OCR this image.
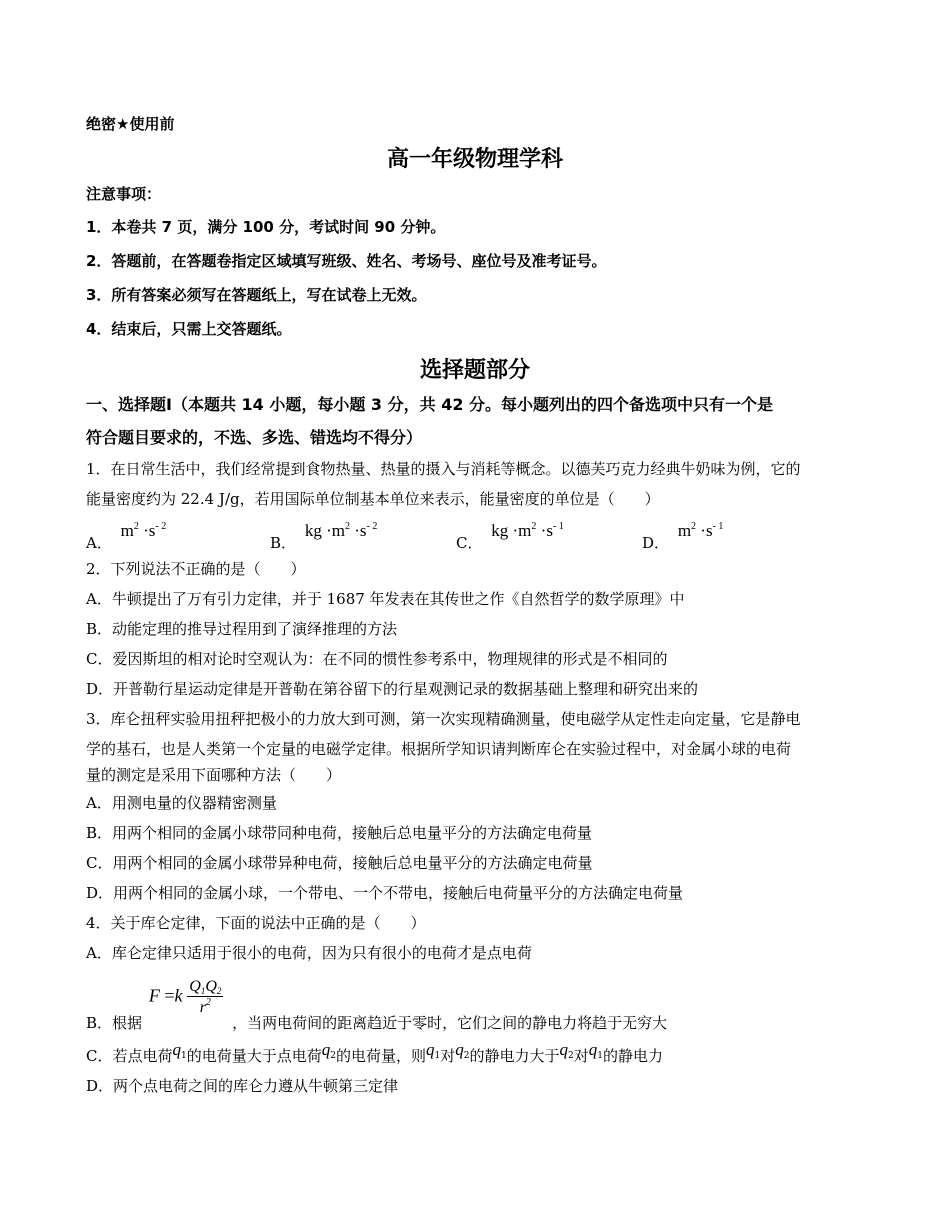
绝密★使用前
高一年级物理学科
注意事项：
1．本卷共 7 页，满分 100 分，考试时间 90 分钟。
2．答题前，在答题卷指定区域填写班级、姓名、考场号、座位号及准考证号。
3．所有答案必须写在答题纸上，写在试卷上无效。
4．结束后，只需上交答题纸。
选择题部分
一、选择题Ⅰ（本题共 14 小题，每小题 3 分，共 42 分。每小题列出的四个备选项中只有一个是
符合题目要求的，不选、多选、错选均不得分）
1．在日常生活中，我们经常提到食物热量、热量的摄入与消耗等概念。以德芙巧克力经典牛奶味为例，它的
能量密度约为 22.4 J/g，若用国际单位制基本单位来表示，能量密度的单位是（　　）
A． $m^2 \cdot s^{- 2}$
B． kg $\cdot m^2 \cdot s^{- 2}$
C． kg $\cdot m^2 \cdot s^{- 1}$
D． $m^2 \cdot s^{- 1}$
2．下列说法不正确的是（　　）
A．牛顿提出了万有引力定律，并于 1687 年发表在其传世之作《自然哲学的数学原理》中
B．动能定理的推导过程用到了演绎推理的方法
C．爱因斯坦的相对论时空观认为：在不同的惯性参考系中，物理规律的形式是不相同的
D．开普勒行星运动定律是开普勒在第谷留下的行星观测记录的数据基础上整理和研究出来的
3．库仑扭秤实验用扭秤把极小的力放大到可测，第一次实现精确测量，使电磁学从定性走向定量，它是静电
学的基石，也是人类第一个定量的电磁学定律。根据所学知识请判断库仑在实验过程中，对金属小球的电荷
量的测定是采用下面哪种方法（　　）
A．用测电量的仪器精密测量
B．用两个相同的金属小球带同种电荷，接触后总电量平分的方法确定电荷量
C．用两个相同的金属小球带异种电荷，接触后总电量平分的方法确定电荷量
D．用两个相同的金属小球，一个带电、一个不带电，接触后电荷量平分的方法确定电荷量
4．关于库仑定律，下面的说法中正确的是（　　）
A．库仑定律只适用于很小的电荷，因为只有很小的电荷才是点电荷
B．根据 $F =k \frac{Q_1Q_2}{r^2}$
，当两电荷间的距离趋近于零时，它们之间的静电力将趋于无穷大
C．若点电荷$q_1$的电荷量大于点电荷$q_2$的电荷量，则$q_1$对$q_2$的静电力大于$q_2$对$q_1$的静电力
D．两个点电荷之间的库仑力遵从牛顿第三定律
